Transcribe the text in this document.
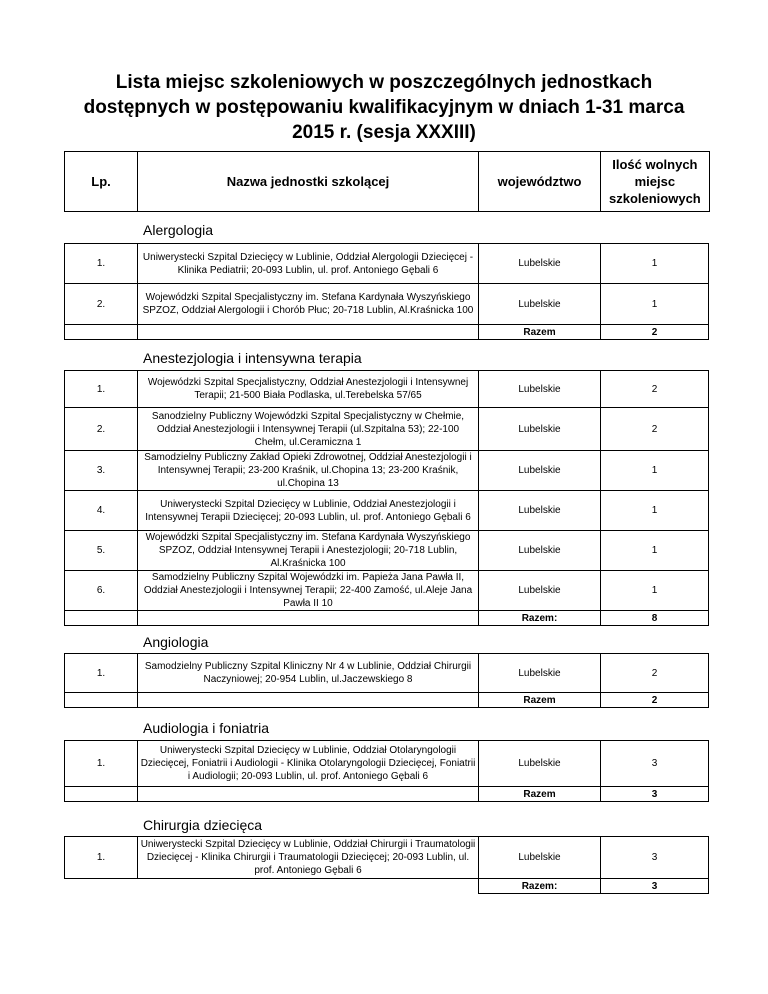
Lista miejsc szkoleniowych w poszczególnych jednostkach dostępnych w postępowaniu kwalifikacyjnym w dniach 1-31 marca 2015 r. (sesja XXXIII)
Lp.	Nazwa jednostki szkolącej	województwo	Ilość wolnych miejsc szkoleniowych
Alergologia
1.	Uniwerystecki Szpital Dziecięcy w Lublinie, Oddział Alergologii Dziecięcej - Klinika Pediatrii; 20-093 Lublin, ul. prof. Antoniego Gębali 6	Lubelskie	1
2.	Wojewódzki Szpital Specjalistyczny im. Stefana Kardynała Wyszyńskiego SPZOZ, Oddział Alergologii i Chorób Płuc; 20-718 Lublin, Al.Kraśnicka 100	Lubelskie	1
		Razem	2
Anestezjologia i intensywna terapia
1.	Wojewódzki Szpital Specjalistyczny, Oddział Anestezjologii i Intensywnej Terapii; 21-500 Biała Podlaska, ul.Terebelska 57/65	Lubelskie	2
2.	Sanodzielny Publiczny Wojewódzki Szpital Specjalistyczny w Chełmie, Oddział Anestezjologii i Intensywnej Terapii (ul.Szpitalna 53); 22-100 Chełm, ul.Ceramiczna 1	Lubelskie	2
3.	Samodzielny Publiczny Zakład Opieki Zdrowotnej, Oddział Anestezjologii i Intensywnej Terapii; 23-200 Kraśnik, ul.Chopina 13; 23-200 Kraśnik, ul.Chopina 13	Lubelskie	1
4.	Uniwerystecki Szpital Dziecięcy w Lublinie, Oddział Anestezjologii i Intensywnej Terapii Dziecięcej; 20-093 Lublin, ul. prof. Antoniego Gębali 6	Lubelskie	1
5.	Wojewódzki Szpital Specjalistyczny im. Stefana Kardynała Wyszyńskiego SPZOZ, Oddział Intensywnej Terapii i Anestezjologii; 20-718 Lublin, Al.Kraśnicka 100	Lubelskie	1
6.	Samodzielny Publiczny Szpital Wojewódzki im. Papieża Jana Pawła II, Oddział Anestezjologii i Intensywnej Terapii; 22-400 Zamość, ul.Aleje Jana Pawła II 10	Lubelskie	1
		Razem:	8
Angiologia
1.	Samodzielny Publiczny Szpital Kliniczny Nr 4 w Lublinie, Oddział Chirurgii Naczyniowej; 20-954 Lublin, ul.Jaczewskiego 8	Lubelskie	2
		Razem	2
Audiologia i foniatria
1.	Uniwerystecki Szpital Dziecięcy w Lublinie, Oddział Otolaryngologii Dziecięcej, Foniatrii i Audiologii - Klinika Otolaryngologii Dziecięcej, Foniatrii i Audiologii; 20-093 Lublin, ul. prof. Antoniego Gębali 6	Lubelskie	3
		Razem	3
Chirurgia dziecięca
1.	Uniwerystecki Szpital Dziecięcy w Lublinie, Oddział Chirurgii i Traumatologii Dziecięcej - Klinika Chirurgii i Traumatologii Dziecięcej; 20-093 Lublin, ul. prof. Antoniego Gębali 6	Lubelskie	3
		Razem:	3
